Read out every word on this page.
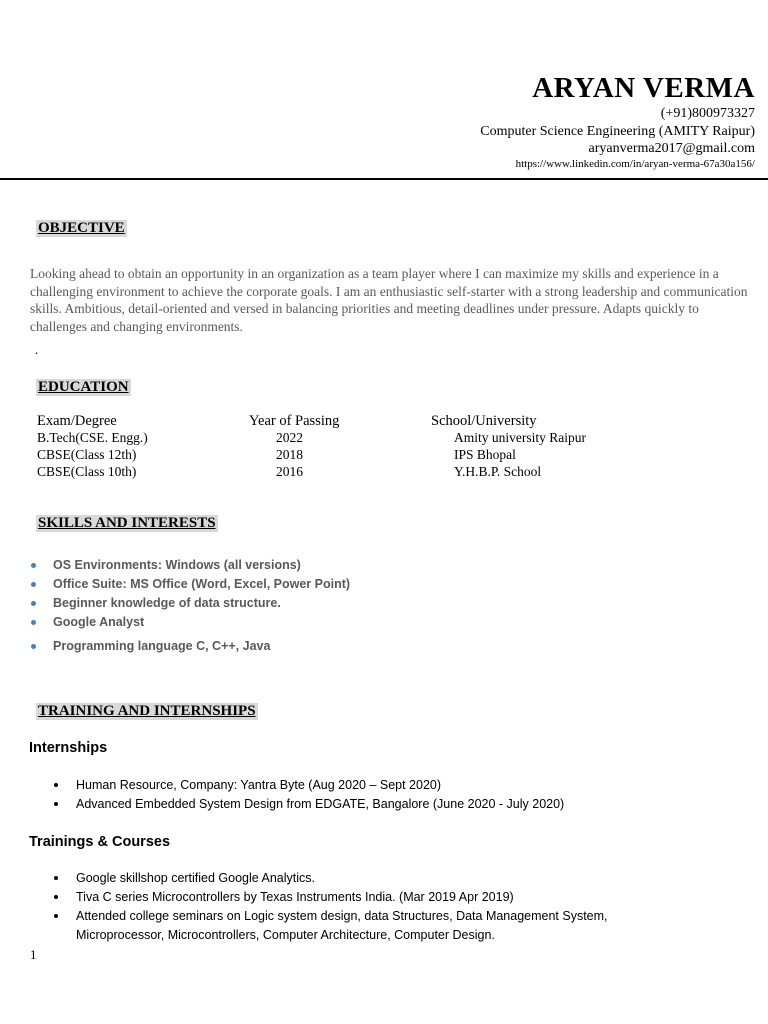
ARYAN VERMA
(+91)800973327
Computer Science Engineering (AMITY Raipur)
aryanverma2017@gmail.com
https://www.linkedin.com/in/aryan-verma-67a30a156/
OBJECTIVE
Looking ahead to obtain an opportunity in an organization as a team player where I can maximize my skills and experience in a challenging environment to achieve the corporate goals. I am an enthusiastic self-starter with a strong leadership and communication skills. Ambitious, detail-oriented and versed in balancing priorities and meeting deadlines under pressure. Adapts quickly to challenges and changing environments.
.
EDUCATION
Exam/Degree	Year of Passing	School/University
B.Tech(CSE. Engg.)	2022	Amity university Raipur
CBSE(Class 12th)	2018	IPS Bhopal
CBSE(Class 10th)	2016	Y.H.B.P. School
SKILLS AND INTERESTS
OS Environments: Windows (all versions)
Office Suite: MS Office (Word, Excel, Power Point)
Beginner knowledge of data structure.
Google Analyst
Programming language C, C++, Java
TRAINING AND INTERNSHIPS
Internships
Human Resource, Company: Yantra Byte (Aug 2020 – Sept 2020)
Advanced Embedded System Design from EDGATE, Bangalore (June 2020 - July 2020)
Trainings & Courses
Google skillshop certified Google Analytics.
Tiva C series Microcontrollers by Texas Instruments India. (Mar 2019 Apr 2019)
Attended college seminars on Logic system design, data Structures, Data Management System,
Microprocessor, Microcontrollers, Computer Architecture, Computer Design.
1
